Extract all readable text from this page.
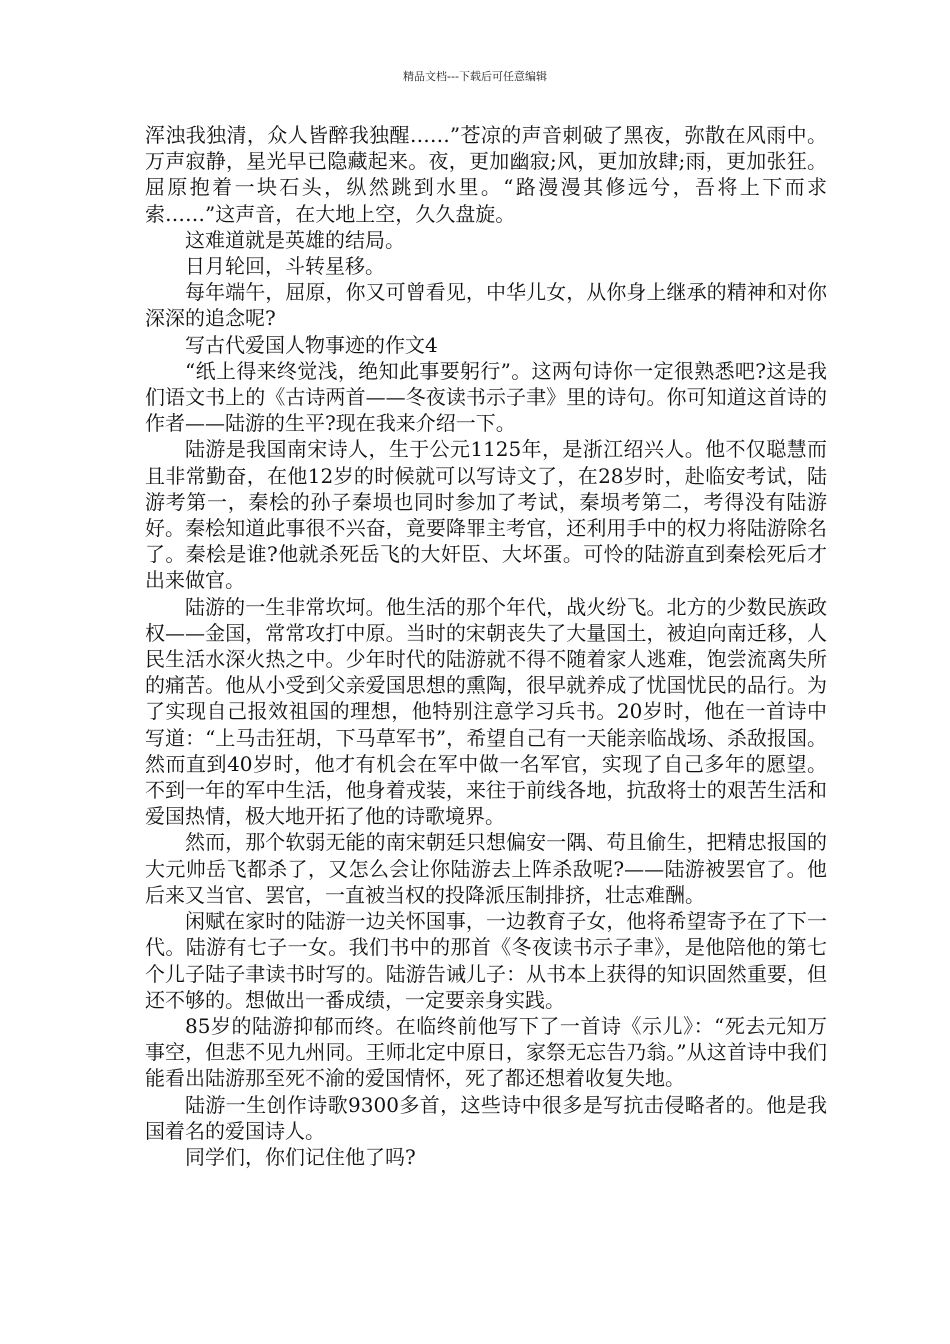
精品文档---下载后可任意编辑

浑浊我独清，众人皆醉我独醒……”苍凉的声音刺破了黑夜，弥散在风雨中。万声寂静，星光早已隐藏起来。夜，更加幽寂;风，更加放肆;雨，更加张狂。屈原抱着一块石头，纵然跳到水里。“路漫漫其修远兮，吾将上下而求索……”这声音，在大地上空，久久盘旋。

这难道就是英雄的结局。

日月轮回，斗转星移。

每年端午，屈原，你又可曾看见，中华儿女，从你身上继承的精神和对你深深的追念呢?

写古代爱国人物事迹的作文4

“纸上得来终觉浅，绝知此事要躬行”。这两句诗你一定很熟悉吧?这是我们语文书上的《古诗两首——冬夜读书示子聿》里的诗句。你可知道这首诗的作者——陆游的生平?现在我来介绍一下。

陆游是我国南宋诗人，生于公元1125年，是浙江绍兴人。他不仅聪慧而且非常勤奋，在他12岁的时候就可以写诗文了，在28岁时，赴临安考试，陆游考第一，秦桧的孙子秦埙也同时参加了考试，秦埙考第二，考得没有陆游好。秦桧知道此事很不兴奋，竟要降罪主考官，还利用手中的权力将陆游除名了。秦桧是谁?他就杀死岳飞的大奸臣、大坏蛋。可怜的陆游直到秦桧死后才出来做官。

陆游的一生非常坎坷。他生活的那个年代，战火纷飞。北方的少数民族政权——金国，常常攻打中原。当时的宋朝丧失了大量国土，被迫向南迁移，人民生活水深火热之中。少年时代的陆游就不得不随着家人逃难，饱尝流离失所的痛苦。他从小受到父亲爱国思想的熏陶，很早就养成了忧国忧民的品行。为了实现自己报效祖国的理想，他特别注意学习兵书。20岁时，他在一首诗中写道：“上马击狂胡，下马草军书”，希望自己有一天能亲临战场、杀敌报国。然而直到40岁时，他才有机会在军中做一名军官，实现了自己多年的愿望。不到一年的军中生活，他身着戎装，来往于前线各地，抗敌将士的艰苦生活和爱国热情，极大地开拓了他的诗歌境界。

然而，那个软弱无能的南宋朝廷只想偏安一隅、苟且偷生，把精忠报国的大元帅岳飞都杀了，又怎么会让你陆游去上阵杀敌呢?——陆游被罢官了。他后来又当官、罢官，一直被当权的投降派压制排挤，壮志难酬。

闲赋在家时的陆游一边关怀国事，一边教育子女，他将希望寄予在了下一代。陆游有七子一女。我们书中的那首《冬夜读书示子聿》，是他陪他的第七个儿子陆子聿读书时写的。陆游告诫儿子：从书本上获得的知识固然重要，但还不够的。想做出一番成绩，一定要亲身实践。

85岁的陆游抑郁而终。在临终前他写下了一首诗《示儿》：“死去元知万事空，但悲不见九州同。王师北定中原日，家祭无忘告乃翁。”从这首诗中我们能看出陆游那至死不渝的爱国情怀，死了都还想着收复失地。

陆游一生创作诗歌9300多首，这些诗中很多是写抗击侵略者的。他是我国着名的爱国诗人。

同学们，你们记住他了吗?
